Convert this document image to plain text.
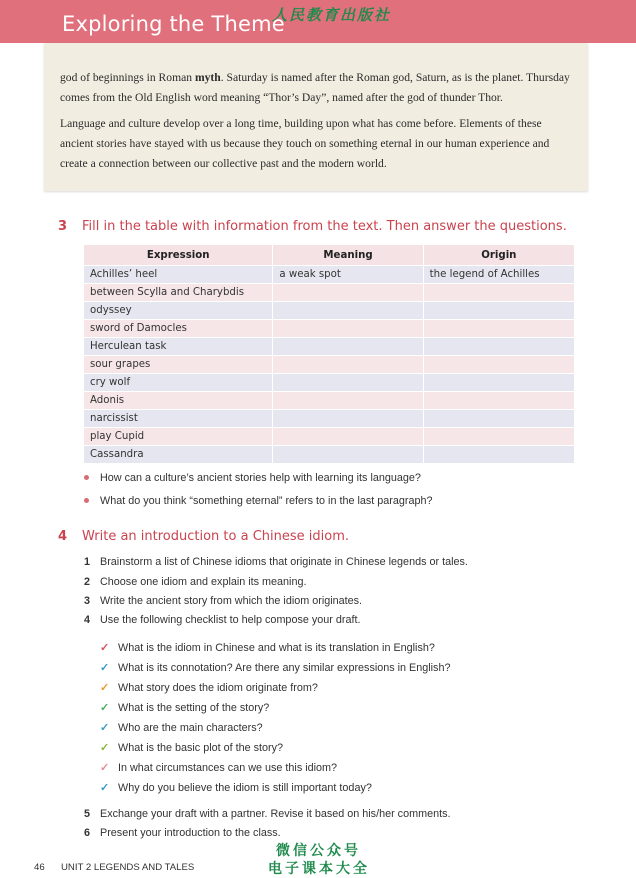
Exploring the Theme
人民教育出版社

god of beginnings in Roman myth. Saturday is named after the Roman god, Saturn, as is the planet. Thursday comes from the Old English word meaning “Thor’s Day”, named after the god of thunder Thor.

Language and culture develop over a long time, building upon what has come before. Elements of these ancient stories have stayed with us because they touch on something eternal in our human experience and create a connection between our collective past and the modern world.

3 Fill in the table with information from the text. Then answer the questions.
Expression	Meaning	Origin
Achilles’ heel	a weak spot	the legend of Achilles
between Scylla and Charybdis		
odyssey		
sword of Damocles		
Herculean task		
sour grapes		
cry wolf		
Adonis		
narcissist		
play Cupid		
Cassandra		
How can a culture’s ancient stories help with learning its language?
What do you think “something eternal” refers to in the last paragraph?
4 Write an introduction to a Chinese idiom.
1 Brainstorm a list of Chinese idioms that originate in Chinese legends or tales.
2 Choose one idiom and explain its meaning.
3 Write the ancient story from which the idiom originates.
4 Use the following checklist to help compose your draft.
✓ What is the idiom in Chinese and what is its translation in English?
✓ What is its connotation? Are there any similar expressions in English?
✓ What story does the idiom originate from?
✓ What is the setting of the story?
✓ Who are the main characters?
✓ What is the basic plot of the story?
✓ In what circumstances can we use this idiom?
✓ Why do you believe the idiom is still important today?
5 Exchange your draft with a partner. Revise it based on his/her comments.
6 Present your introduction to the class.
46 UNIT 2 LEGENDS AND TALES
微信公众号
电子课本大全
